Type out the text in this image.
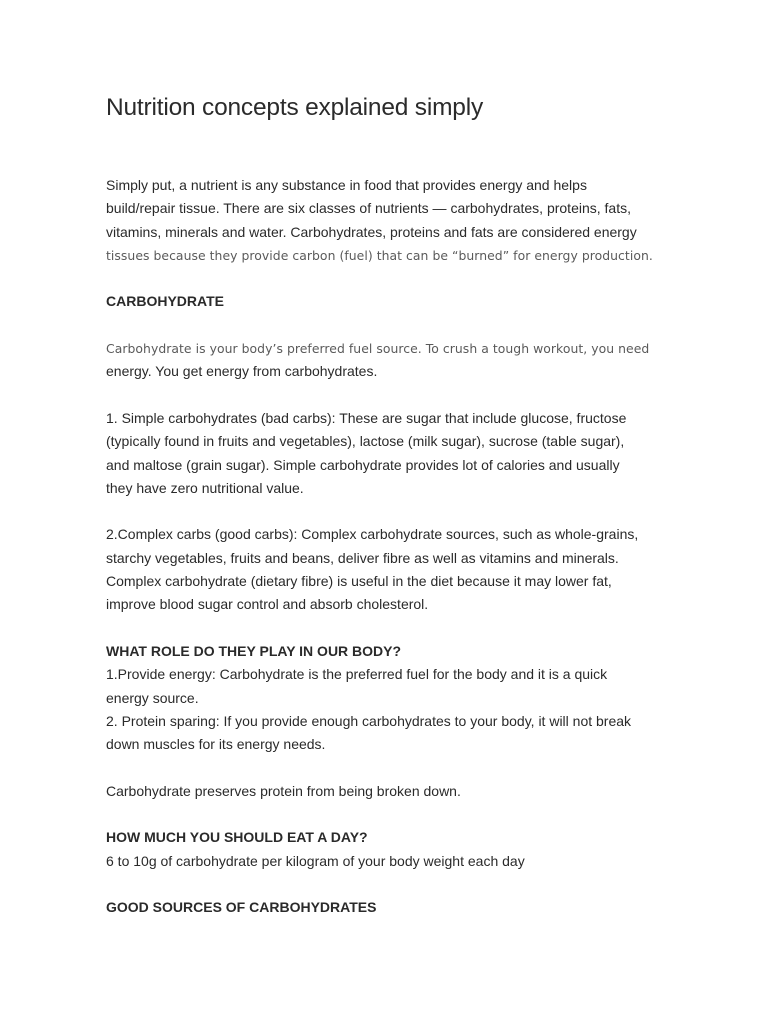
Nutrition concepts explained simply

Simply put, a nutrient is any substance in food that provides energy and helps
build/repair tissue. There are six classes of nutrients — carbohydrates, proteins, fats,
vitamins, minerals and water. Carbohydrates, proteins and fats are considered energy
tissues because they provide carbon (fuel) that can be “burned” for energy production.

CARBOHYDRATE

Carbohydrate is your body’s preferred fuel source. To crush a tough workout, you need
energy. You get energy from carbohydrates.

1. Simple carbohydrates (bad carbs): These are sugar that include glucose, fructose
(typically found in fruits and vegetables), lactose (milk sugar), sucrose (table sugar),
and maltose (grain sugar). Simple carbohydrate provides lot of calories and usually
they have zero nutritional value.

2.Complex carbs (good carbs): Complex carbohydrate sources, such as whole-grains,
starchy vegetables, fruits and beans, deliver fibre as well as vitamins and minerals.
Complex carbohydrate (dietary fibre) is useful in the diet because it may lower fat,
improve blood sugar control and absorb cholesterol.

WHAT ROLE DO THEY PLAY IN OUR BODY?

1.Provide energy: Carbohydrate is the preferred fuel for the body and it is a quick
energy source.
2. Protein sparing: If you provide enough carbohydrates to your body, it will not break
down muscles for its energy needs.

Carbohydrate preserves protein from being broken down.

HOW MUCH YOU SHOULD EAT A DAY?

6 to 10g of carbohydrate per kilogram of your body weight each day

GOOD SOURCES OF CARBOHYDRATES
